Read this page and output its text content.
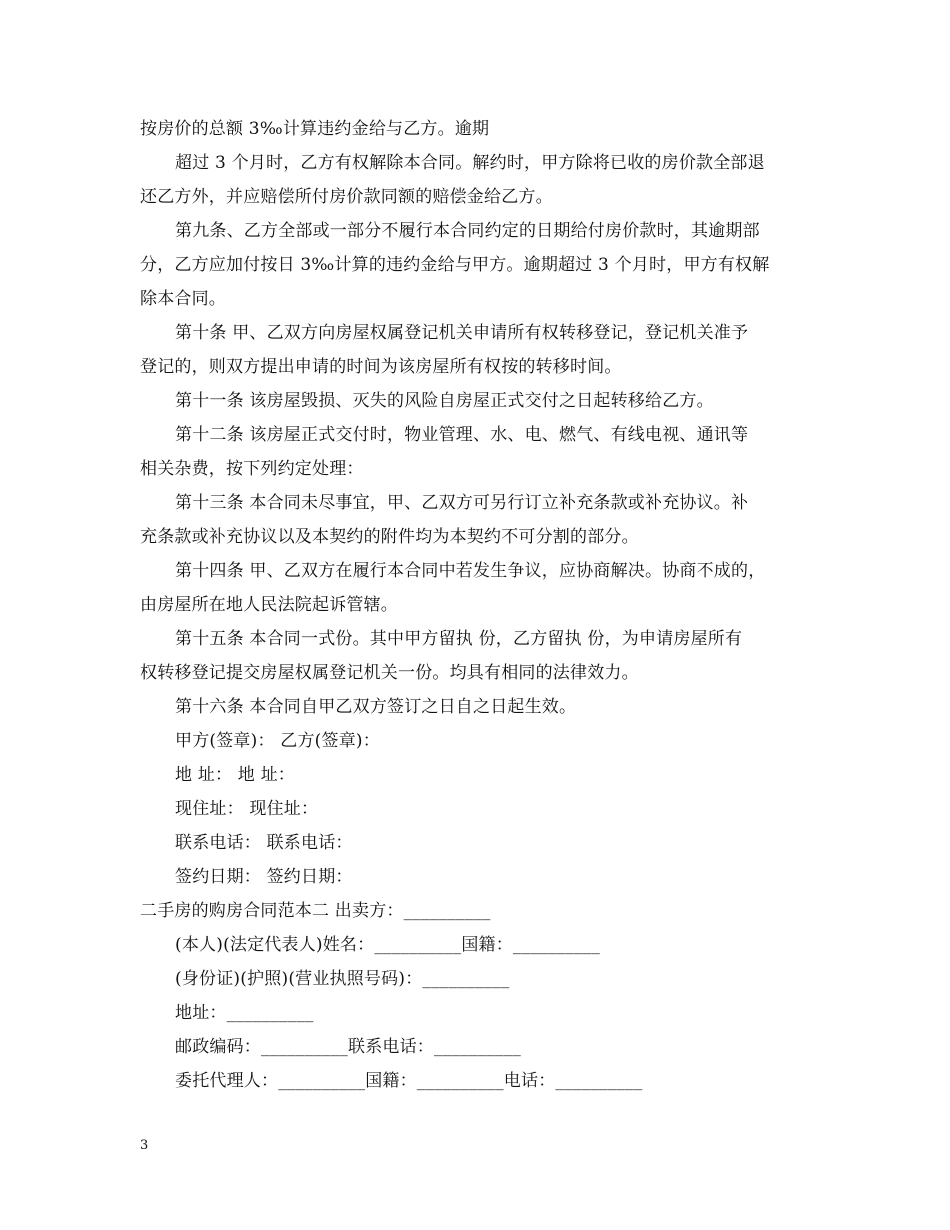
按房价的总额 3‰计算违约金给与乙方。逾期
超过 3 个月时，乙方有权解除本合同。解约时，甲方除将已收的房价款全部退
还乙方外，并应赔偿所付房价款同额的赔偿金给乙方。
第九条、乙方全部或一部分不履行本合同约定的日期给付房价款时，其逾期部
分，乙方应加付按日 3‰计算的违约金给与甲方。逾期超过 3 个月时，甲方有权解
除本合同。
第十条 甲、乙双方向房屋权属登记机关申请所有权转移登记，登记机关准予
登记的，则双方提出申请的时间为该房屋所有权按的转移时间。
第十一条 该房屋毁损、灭失的风险自房屋正式交付之日起转移给乙方。
第十二条 该房屋正式交付时，物业管理、水、电、燃气、有线电视、通讯等
相关杂费，按下列约定处理：
第十三条 本合同未尽事宜，甲、乙双方可另行订立补充条款或补充协议。补
充条款或补充协议以及本契约的附件均为本契约不可分割的部分。
第十四条 甲、乙双方在履行本合同中若发生争议，应协商解决。协商不成的，
由房屋所在地人民法院起诉管辖。
第十五条 本合同一式份。其中甲方留执 份，乙方留执 份，为申请房屋所有
权转移登记提交房屋权属登记机关一份。均具有相同的法律效力。
第十六条 本合同自甲乙双方签订之日自之日起生效。
甲方(签章)： 乙方(签章)：
地 址： 地 址：
现住址： 现住址：
联系电话： 联系电话：
签约日期： 签约日期：
二手房的购房合同范本二 出卖方：__________
(本人)(法定代表人)姓名：__________国籍：__________
(身份证)(护照)(营业执照号码)：__________
地址：__________
邮政编码：__________联系电话：__________
委托代理人：__________国籍：__________电话：__________
3
